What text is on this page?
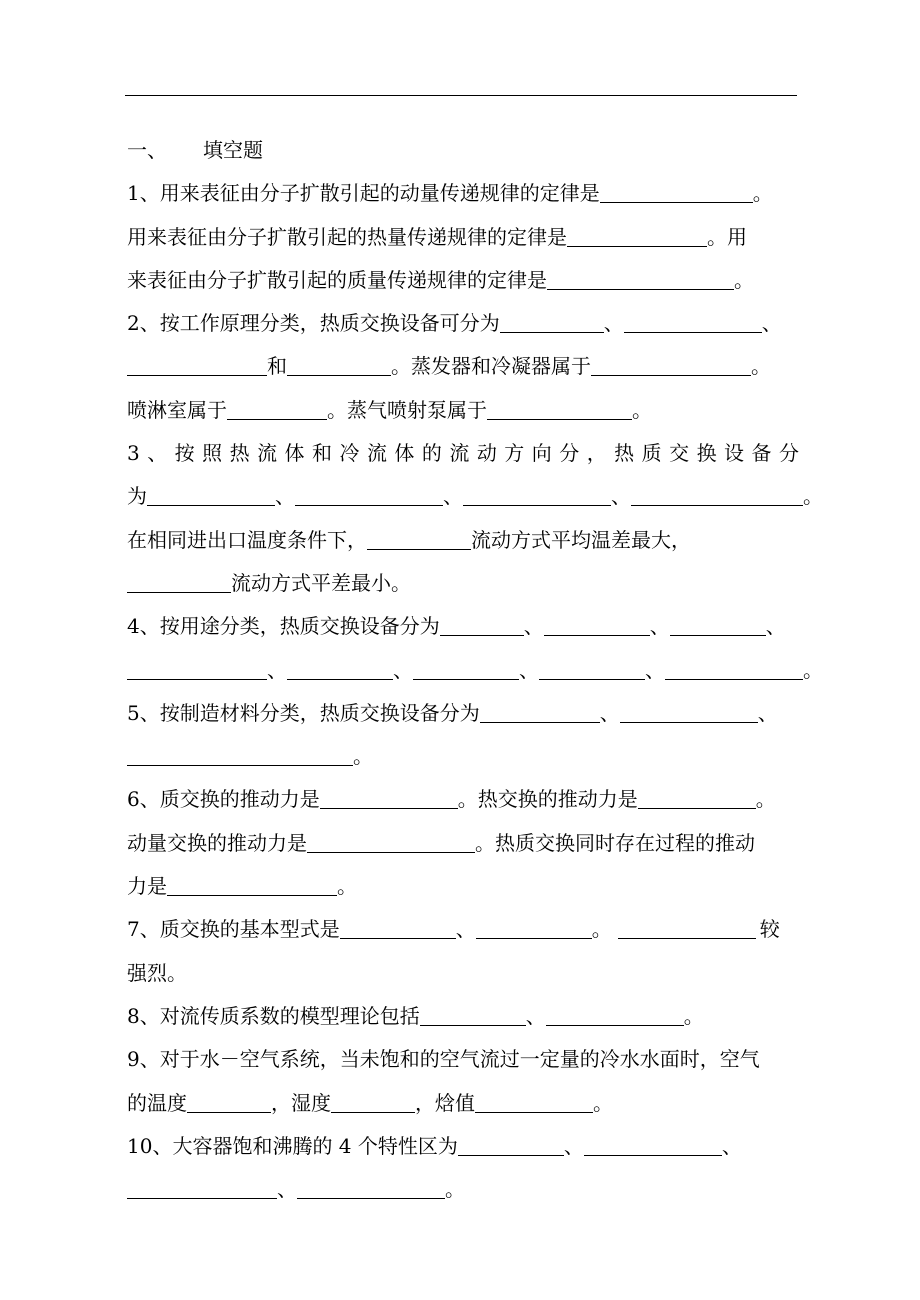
一、 填空题
1、用来表征由分子扩散引起的动量传递规律的定律是	。
用来表征由分子扩散引起的热量传递规律的定律是	。用
来表征由分子扩散引起的质量传递规律的定律是	。
2、按工作原理分类，热质交换设备可分为	、	、
和	。蒸发器和冷凝器属于	。
喷淋室属于	。蒸气喷射泵属于	。
3、按照热流体和冷流体的流动方向分，热质交换设备分
为	、	、	、	。
在相同进出口温度条件下，	流动方式平均温差最大，
流动方式平差最小。
4、按用途分类，热质交换设备分为	、	、	、
、	、	、	、	。
5、按制造材料分类，热质交换设备分为	、	、
。
6、质交换的推动力是	。热交换的推动力是	。
动量交换的推动力是	。热质交换同时存在过程的推动
力是	。
7、质交换的基本型式是	、	。	较
强烈。
8、对流传质系数的模型理论包括	、	。
9、对于水－空气系统，当未饱和的空气流过一定量的冷水水面时，空气
的温度	，湿度	，焓值	。
10、大容器饱和沸腾的 4 个特性区为	、	、
、	。
